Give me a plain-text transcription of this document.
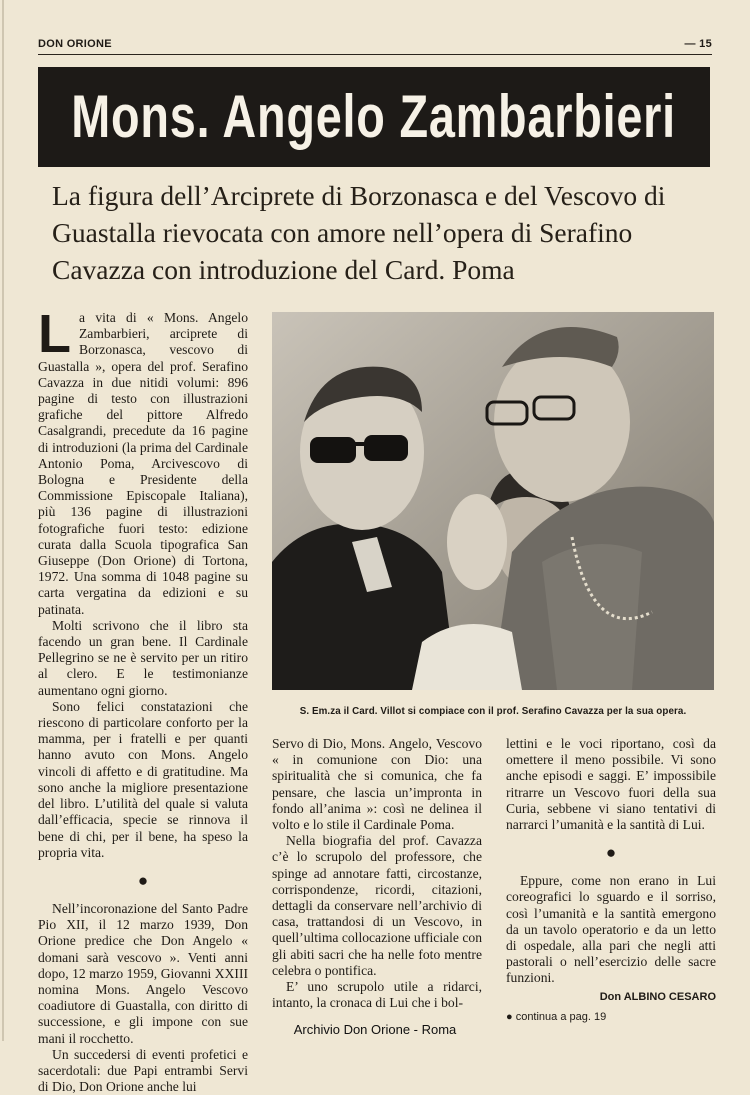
DON ORIONE	— 15
Mons. Angelo Zambarbieri
La figura dell’Arciprete di Borzonasca e del Vescovo di Guastalla rievocata con amore nell’opera di Serafino Cavazza con introduzione del Card. Poma

La vita di « Mons. Angelo Zambarbieri, arciprete di Borzonasca, vescovo di Guastalla », opera del prof. Serafino Cavazza in due nitidi volumi: 896 pagine di testo con illustrazioni grafiche del pittore Alfredo Casalgrandi, precedute da 16 pagine di introduzioni (la prima del Cardinale Antonio Poma, Arcivescovo di Bologna e Presidente della Commissione Episcopale Italiana), più 136 pagine di illustrazioni fotografiche fuori testo: edizione curata dalla Scuola tipografica San Giuseppe (Don Orione) di Tortona, 1972. Una somma di 1048 pagine su carta vergatina da edizioni e su patinata.

Molti scrivono che il libro sta facendo un gran bene. Il Cardinale Pellegrino se ne è servito per un ritiro al clero. E le testimonianze aumentano ogni giorno.

Sono felici constatazioni che riescono di particolare conforto per la mamma, per i fratelli e per quanti hanno avuto con Mons. Angelo vincoli di affetto e di gratitudine. Ma sono anche la migliore presentazione del libro. L’utilità del quale si valuta dall’efficacia, specie se rinnova il bene di chi, per il bene, ha speso la propria vita.

●

Nell’incoronazione del Santo Padre Pio XII, il 12 marzo 1939, Don Orione predice che Don Angelo « domani sarà vescovo ». Venti anni dopo, 12 marzo 1959, Giovanni XXIII nomina Mons. Angelo Vescovo coadiutore di Guastalla, con diritto di successione, e gli impone con sue mani il rocchetto.

Un succedersi di eventi profetici e sacerdotali: due Papi entrambi Servi di Dio, Don Orione anche lui

S. Em.za il Card. Villot si compiace con il prof. Serafino Cavazza per la sua opera.

Servo di Dio, Mons. Angelo, Vescovo « in comunione con Dio: una spiritualità che si comunica, che fa pensare, che lascia un’impronta in fondo all’anima »: così ne delinea il volto e lo stile il Cardinale Poma.

Nella biografia del prof. Cavazza c’è lo scrupolo del professore, che spinge ad annotare fatti, circostanze, corrispondenze, ricordi, citazioni, dettagli da conservare nell’archivio di casa, trattandosi di un Vescovo, in quell’ultima collocazione ufficiale con gli abiti sacri che ha nelle foto mentre celebra o pontifica.

E’ uno scrupolo utile a ridarci, intanto, la cronaca di Lui che i bol-

lettini e le voci riportano, così da omettere il meno possibile. Vi sono anche episodi e saggi. E’ impossibile ritrarre un Vescovo fuori della sua Curia, sebbene vi siano tentativi di narrarci l’umanità e la santità di Lui.

●

Eppure, come non erano in Lui coreografici lo sguardo e il sorriso, così l’umanità e la santità emergono da un tavolo operatorio e da un letto di ospedale, alla pari che negli atti pastorali o nell’esercizio delle sacre funzioni.

Don ALBINO CESARO
● continua a pag. 19
Archivio Don Orione - Roma
